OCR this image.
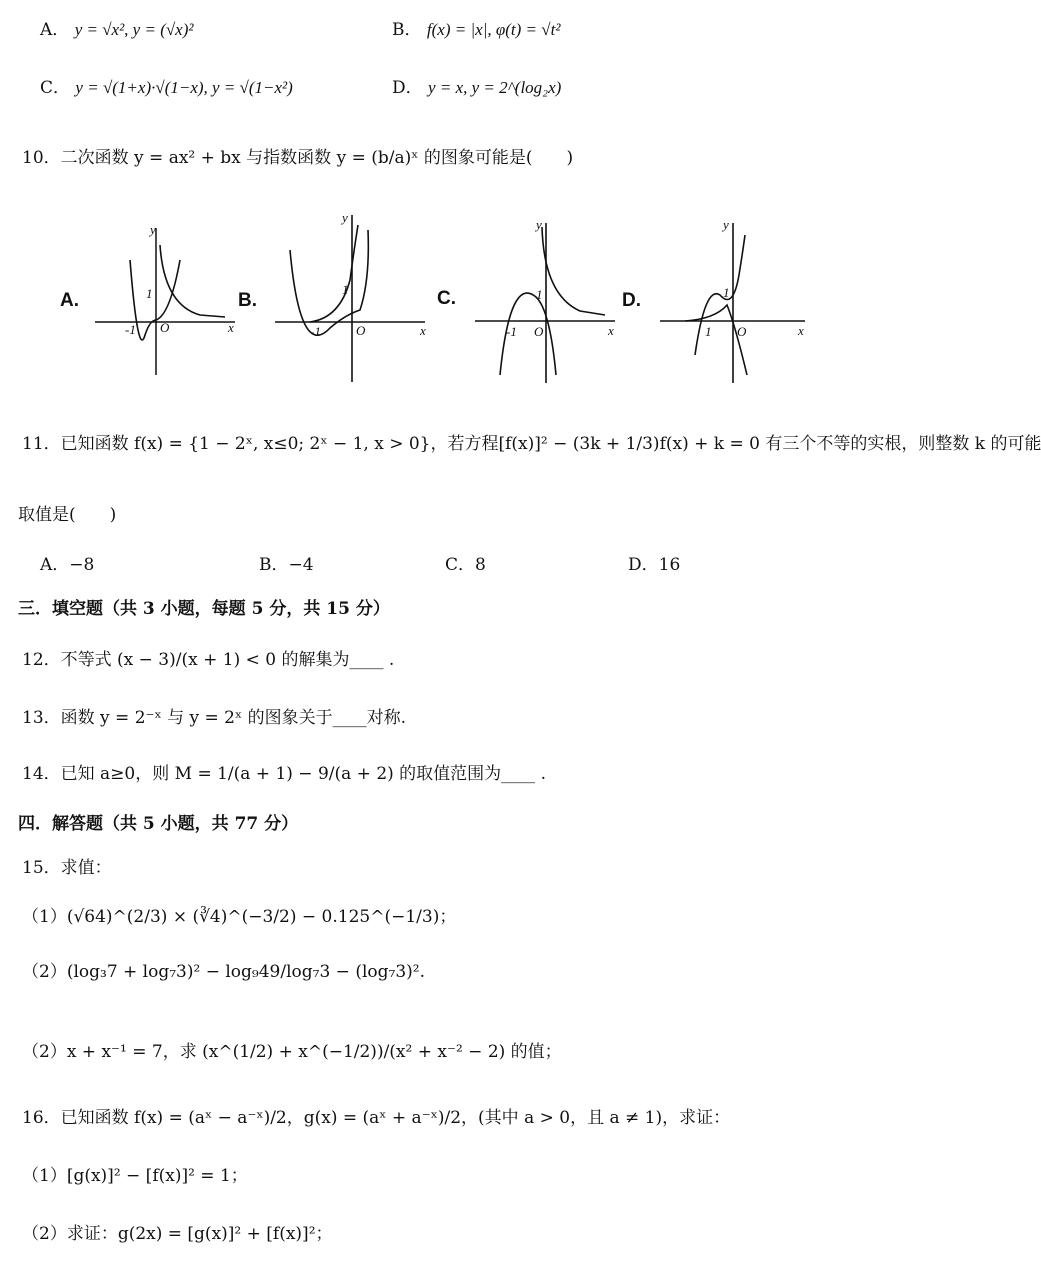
A． y = √x², y = (√x)²	B． f(x) = |x|, φ(t) = √t²
C． y = √(1+x)·√(1−x), y = √(1−x²)	D． y = x, y = 2^(log₂x)
10．二次函数 y = ax² + bx 与指数函数 y = (b/a)ˣ 的图象可能是(　　)
A.
x
y
-1 O
1	B.
x
y
-1	O
1	C.
x
y
-1 O
1	D.
x
y
1 O
1
11．已知函数 f(x) = {1 − 2ˣ, x≤0; 2ˣ − 1, x > 0}，若方程[f(x)]² − (3k + 1/3)f(x) + k = 0 有三个不等的实根，则整数 k 的可能
取值是(　　)
A．−8	B．−4	C．8	D．16
三．填空题（共 3 小题，每题 5 分，共 15 分）
12．不等式 (x − 3)/(x + 1) < 0 的解集为____ .
13．函数 y = 2⁻ˣ 与 y = 2ˣ 的图象关于____对称.
14．已知 a≥0，则 M = 1/(a + 1) − 9/(a + 2) 的取值范围为____ .
四．解答题（共 5 小题，共 77 分）
15．求值：
（1）(√64)^(2/3) × (∛4)^(−3/2) − 0.125^(−1/3)；
（2）(log₃7 + log₇3)² − log₉49/log₇3 − (log₇3)².
（2）x + x⁻¹ = 7，求 (x^(1/2) + x^(−1/2))/(x² + x⁻² − 2) 的值；
16．已知函数 f(x) = (aˣ − a⁻ˣ)/2，g(x) = (aˣ + a⁻ˣ)/2，(其中 a > 0，且 a ≠ 1)，求证：
（1）[g(x)]² − [f(x)]² = 1；
（2）求证：g(2x) = [g(x)]² + [f(x)]²；
